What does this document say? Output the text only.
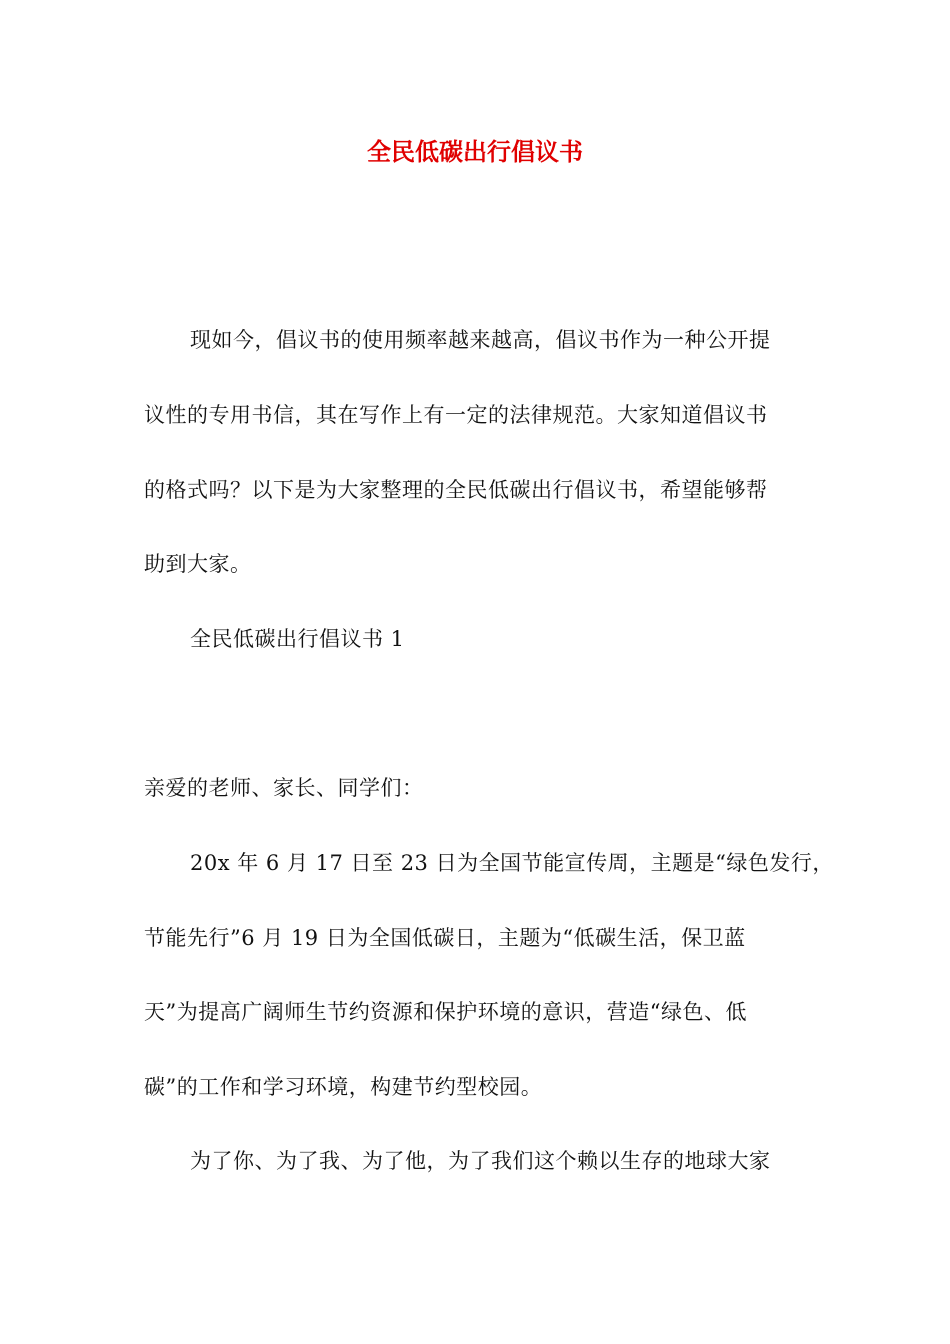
全民低碳出行倡议书
现如今，倡议书的使用频率越来越高，倡议书作为一种公开提
议性的专用书信，其在写作上有一定的法律规范。大家知道倡议书
的格式吗？以下是为大家整理的全民低碳出行倡议书，希望能够帮
助到大家。
全民低碳出行倡议书 1
亲爱的老师、家长、同学们：
20x 年 6 月 17 日至 23 日为全国节能宣传周，主题是“绿色发行，
节能先行”6 月 19 日为全国低碳日，主题为“低碳生活，保卫蓝
天”为提高广阔师生节约资源和保护环境的意识，营造“绿色、低
碳”的工作和学习环境，构建节约型校园。
为了你、为了我、为了他，为了我们这个赖以生存的地球大家
